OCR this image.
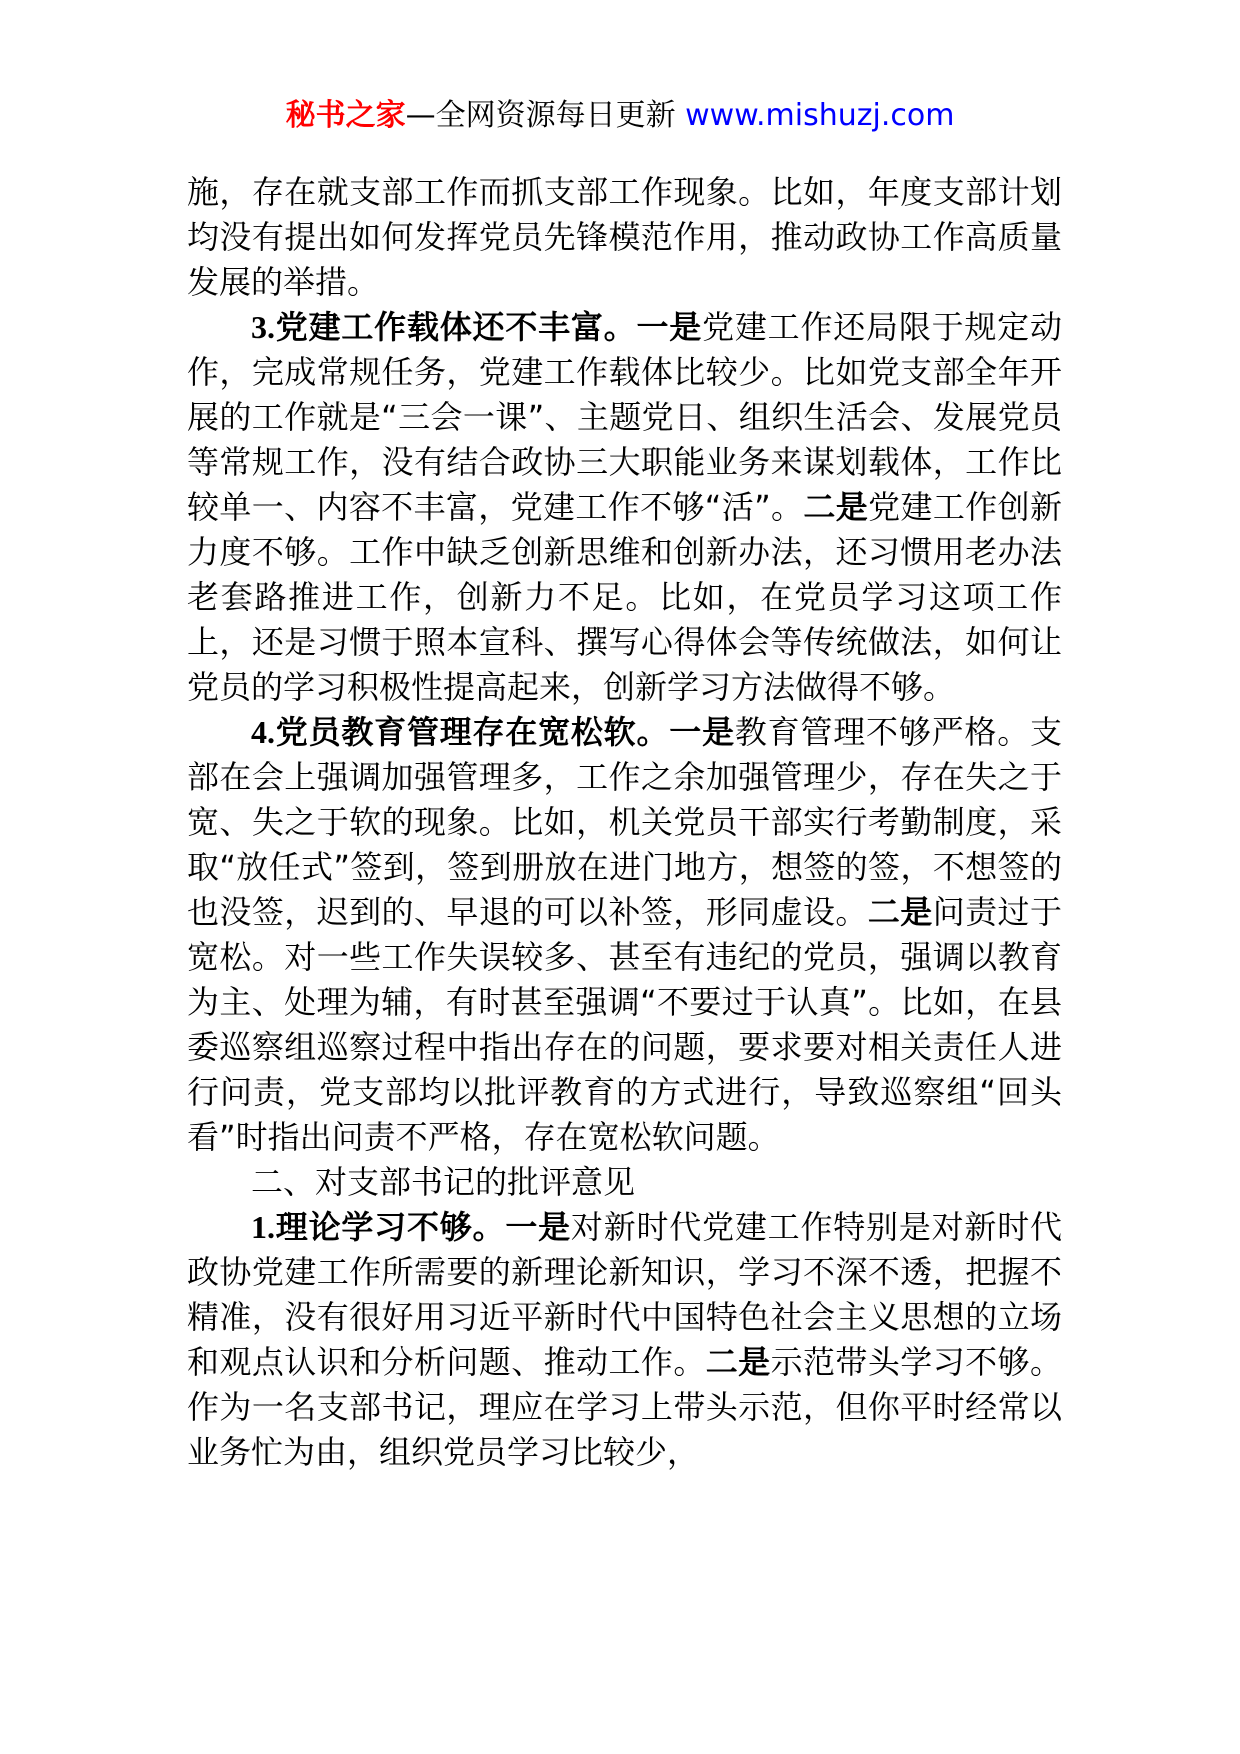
秘书之家—全网资源每日更新 www.mishuzj.com

施，存在就支部工作而抓支部工作现象。比如，年度支部计划均没有提出如何发挥党员先锋模范作用，推动政协工作高质量发展的举措。

3.党建工作载体还不丰富。一是党建工作还局限于规定动作，完成常规任务，党建工作载体比较少。比如党支部全年开展的工作就是“三会一课”、主题党日、组织生活会、发展党员等常规工作，没有结合政协三大职能业务来谋划载体，工作比较单一、内容不丰富，党建工作不够“活”。二是党建工作创新力度不够。工作中缺乏创新思维和创新办法，还习惯用老办法老套路推进工作，创新力不足。比如，在党员学习这项工作上，还是习惯于照本宣科、撰写心得体会等传统做法，如何让党员的学习积极性提高起来，创新学习方法做得不够。

4.党员教育管理存在宽松软。一是教育管理不够严格。支部在会上强调加强管理多，工作之余加强管理少，存在失之于宽、失之于软的现象。比如，机关党员干部实行考勤制度，采取“放任式”签到，签到册放在进门地方，想签的签，不想签的也没签，迟到的、早退的可以补签，形同虚设。二是问责过于宽松。对一些工作失误较多、甚至有违纪的党员，强调以教育为主、处理为辅，有时甚至强调“不要过于认真”。比如，在县委巡察组巡察过程中指出存在的问题，要求要对相关责任人进行问责，党支部均以批评教育的方式进行，导致巡察组“回头看”时指出问责不严格，存在宽松软问题。

二、对支部书记的批评意见

1.理论学习不够。一是对新时代党建工作特别是对新时代政协党建工作所需要的新理论新知识，学习不深不透，把握不精准，没有很好用习近平新时代中国特色社会主义思想的立场和观点认识和分析问题、推动工作。二是示范带头学习不够。作为一名支部书记，理应在学习上带头示范，但你平时经常以业务忙为由，组织党员学习比较少，
